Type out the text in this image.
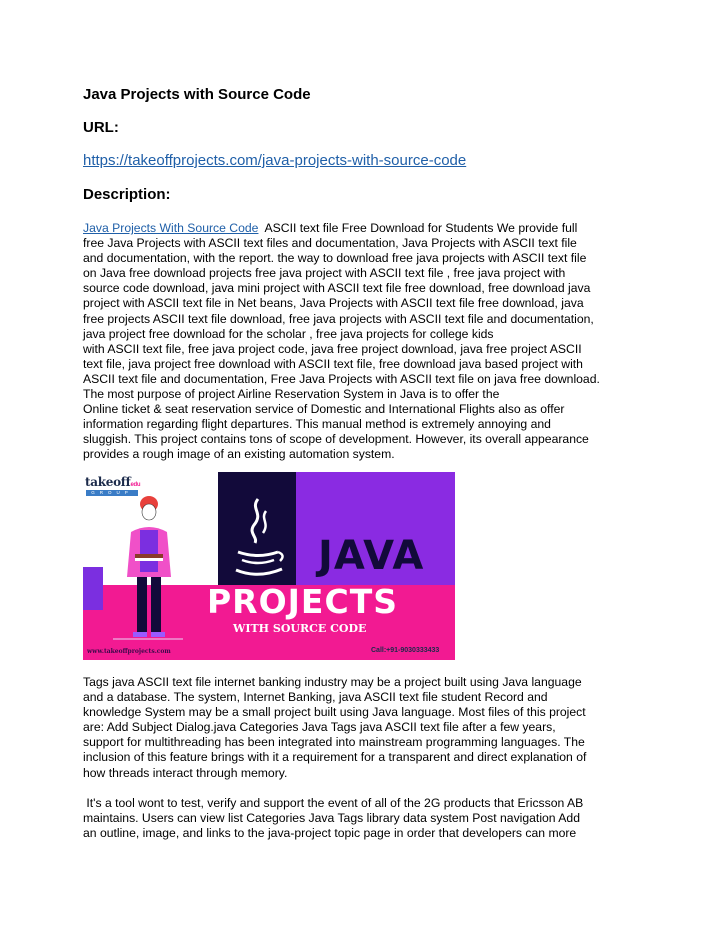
Java Projects with Source Code
URL:
https://takeoffprojects.com/java-projects-with-source-code
Description:
Java Projects With Source Code  ASCII text file Free Download for Students We provide full
free Java Projects with ASCII text files and documentation, Java Projects with ASCII text file
and documentation, with the report. the way to download free java projects with ASCII text file
on Java free download projects free java project with ASCII text file , free java project with
source code download, java mini project with ASCII text file free download, free download java
project with ASCII text file in Net beans, Java Projects with ASCII text file free download, java
free projects ASCII text file download, free java projects with ASCII text file and documentation,
java project free download for the scholar , free java projects for college kids
with ASCII text file, free java project code, java free project download, java free project ASCII
text file, java project free download with ASCII text file, free download java based project with
ASCII text file and documentation, Free Java Projects with ASCII text file on java free download.
The most purpose of project Airline Reservation System in Java is to offer the
Online ticket & seat reservation service of Domestic and International Flights also as offer
information regarding flight departures. This manual method is extremely annoying and
sluggish. This project contains tons of scope of development. However, its overall appearance
provides a rough image of an existing automation system.
takeoffedu
GROUP
JAVA
PROJECTS
WITH SOURCE CODE
www.takeoffprojects.com	Call:+91-9030333433
Tags java ASCII text file internet banking industry may be a project built using Java language
and a database. The system, Internet Banking, java ASCII text file student Record and
knowledge System may be a small project built using Java language. Most files of this project
are: Add Subject Dialog.java Categories Java Tags java ASCII text file after a few years,
support for multithreading has been integrated into mainstream programming languages. The
inclusion of this feature brings with it a requirement for a transparent and direct explanation of
how threads interact through memory.
It's a tool wont to test, verify and support the event of all of the 2G products that Ericsson AB
maintains. Users can view list Categories Java Tags library data system Post navigation Add
an outline, image, and links to the java-project topic page in order that developers can more
